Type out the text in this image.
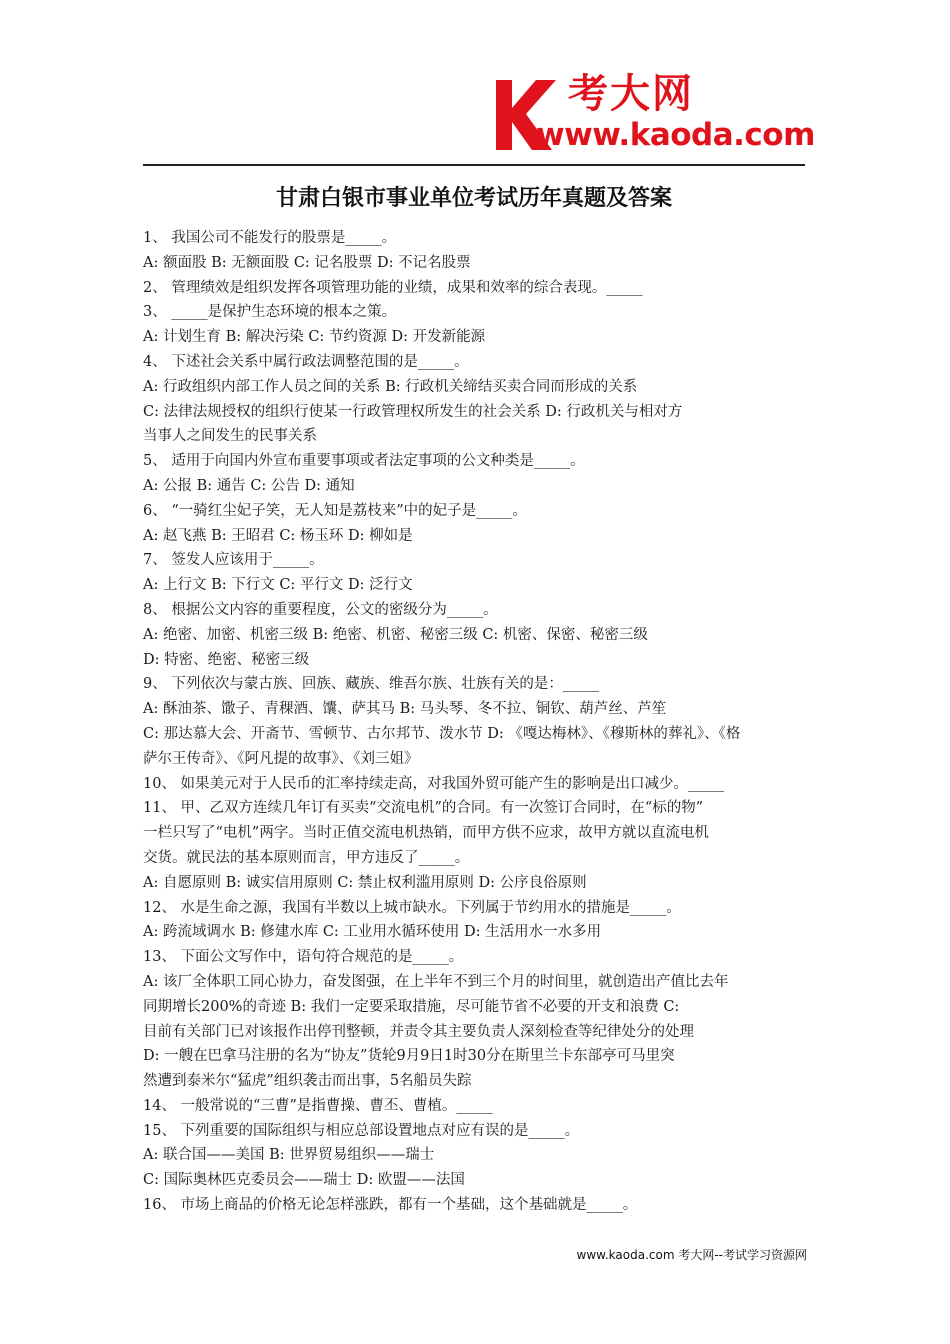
考大网
www.kaoda.com
甘肃白银市事业单位考试历年真题及答案
1、 我国公司不能发行的股票是_____。
A: 额面股 B: 无额面股 C: 记名股票 D: 不记名股票
2、 管理绩效是组织发挥各项管理功能的业绩，成果和效率的综合表现。_____
3、 _____是保护生态环境的根本之策。
A: 计划生育 B: 解决污染 C: 节约资源 D: 开发新能源
4、 下述社会关系中属行政法调整范围的是_____。
A: 行政组织内部工作人员之间的关系 B: 行政机关缔结买卖合同而形成的关系
C: 法律法规授权的组织行使某一行政管理权所发生的社会关系 D: 行政机关与相对方
当事人之间发生的民事关系
5、 适用于向国内外宣布重要事项或者法定事项的公文种类是_____。
A: 公报 B: 通告 C: 公告 D: 通知
6、 “一骑红尘妃子笑，无人知是荔枝来”中的妃子是_____。
A: 赵飞燕 B: 王昭君 C: 杨玉环 D: 柳如是
7、 签发人应该用于_____。
A: 上行文 B: 下行文 C: 平行文 D: 泛行文
8、 根据公文内容的重要程度，公文的密级分为_____。
A: 绝密、加密、机密三级 B: 绝密、机密、秘密三级 C: 机密、保密、秘密三级
D: 特密、绝密、秘密三级
9、 下列依次与蒙古族、回族、藏族、维吾尔族、壮族有关的是：_____
A: 酥油茶、馓子、青稞酒、馕、萨其马 B: 马头琴、冬不拉、铜钦、葫芦丝、芦笙
C: 那达慕大会、开斋节、雪顿节、古尔邦节、泼水节 D: 《嘎达梅林》、《穆斯林的葬礼》、《格
萨尔王传奇》、《阿凡提的故事》、《刘三姐》
10、 如果美元对于人民币的汇率持续走高，对我国外贸可能产生的影响是出口减少。_____
11、 甲、乙双方连续几年订有买卖“交流电机”的合同。有一次签订合同时，在“标的物”
一栏只写了“电机”两字。当时正值交流电机热销，而甲方供不应求，故甲方就以直流电机
交货。就民法的基本原则而言，甲方违反了_____。
A: 自愿原则 B: 诚实信用原则 C: 禁止权利滥用原则 D: 公序良俗原则
12、 水是生命之源，我国有半数以上城市缺水。下列属于节约用水的措施是_____。
A: 跨流域调水 B: 修建水库 C: 工业用水循环使用 D: 生活用水一水多用
13、 下面公文写作中，语句符合规范的是_____。
A: 该厂全体职工同心协力，奋发图强，在上半年不到三个月的时间里，就创造出产值比去年
同期增长200%的奇迹 B: 我们一定要采取措施，尽可能节省不必要的开支和浪费 C:
目前有关部门已对该报作出停刊整顿，并责令其主要负责人深刻检查等纪律处分的处理
D: 一艘在巴拿马注册的名为“协友”货轮9月9日1时30分在斯里兰卡东部亭可马里突
然遭到泰米尔“猛虎”组织袭击而出事，5名船员失踪
14、 一般常说的“三曹”是指曹操、曹丕、曹植。_____
15、 下列重要的国际组织与相应总部设置地点对应有误的是_____。
A: 联合国——美国 B: 世界贸易组织——瑞士
C: 国际奥林匹克委员会——瑞士 D: 欧盟——法国
16、 市场上商品的价格无论怎样涨跌，都有一个基础，这个基础就是_____。
www.kaoda.com 考大网--考试学习资源网
